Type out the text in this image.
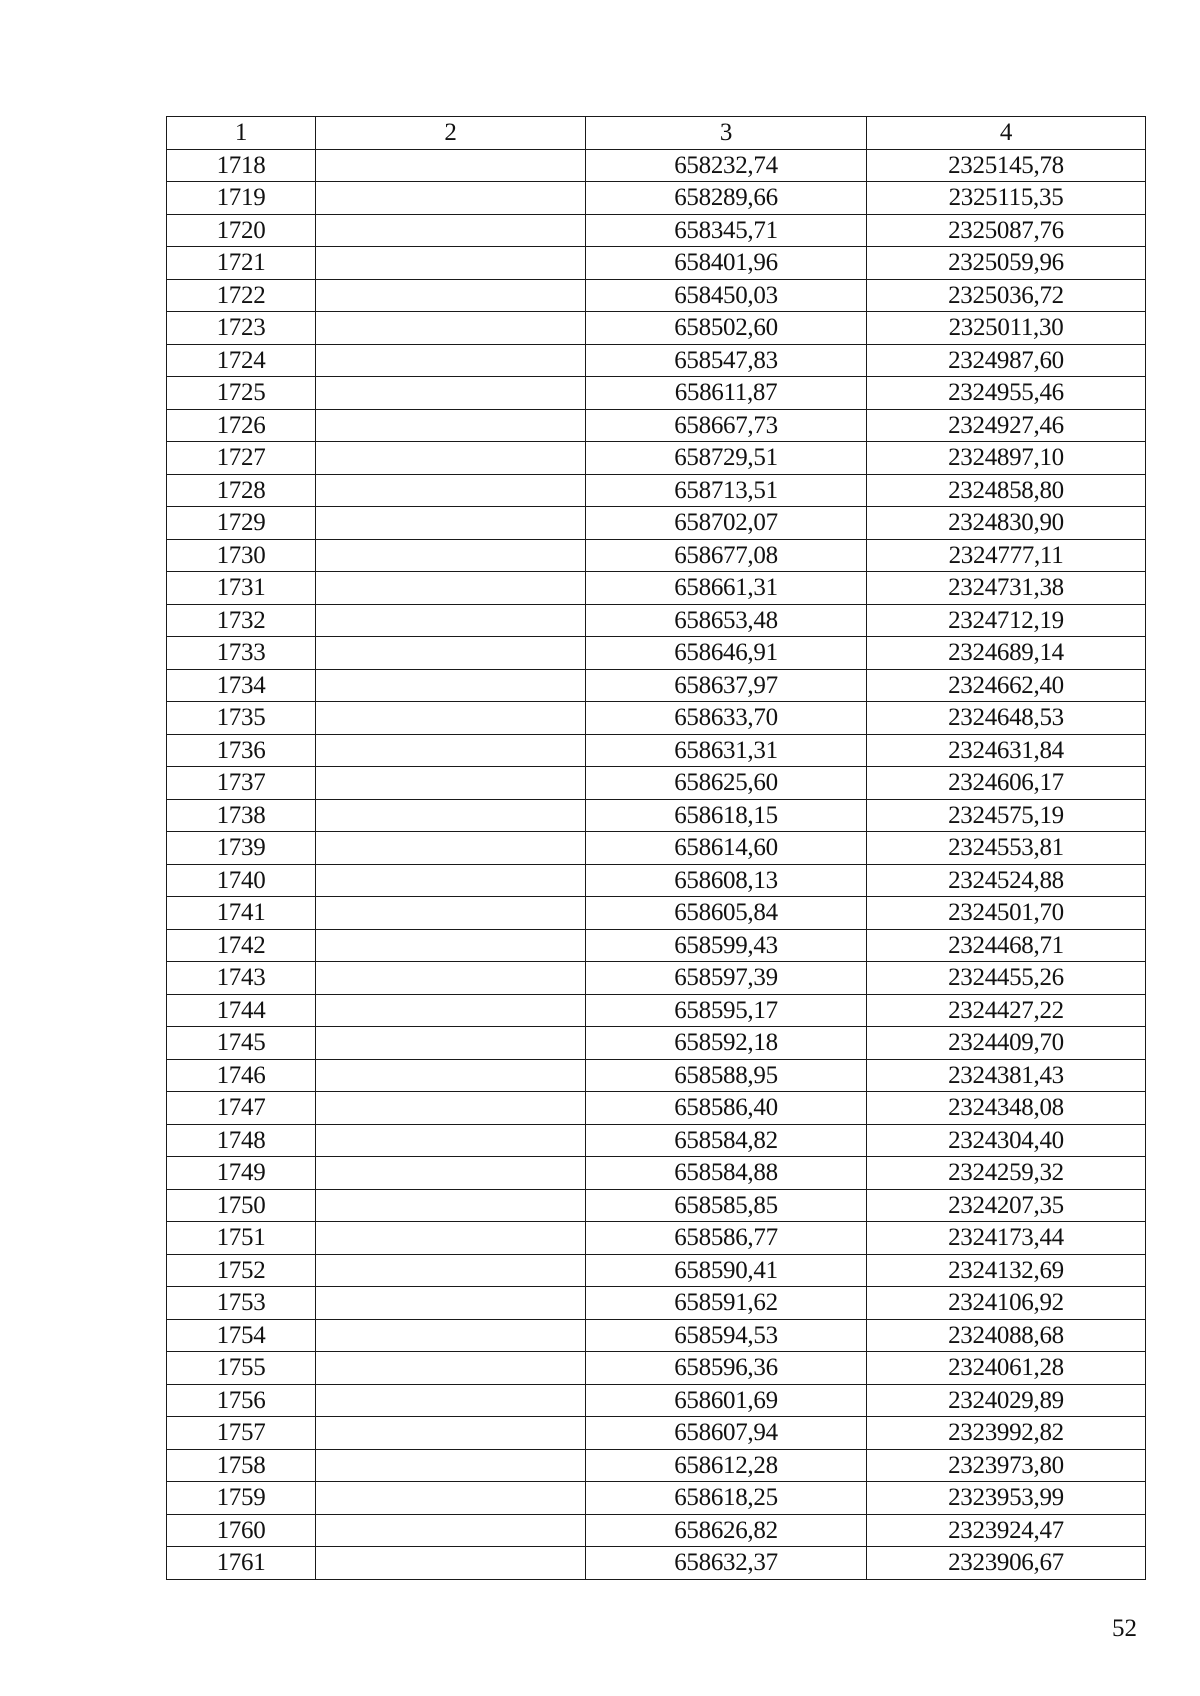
1	2	3	4
1718		658232,74	2325145,78
1719		658289,66	2325115,35
1720		658345,71	2325087,76
1721		658401,96	2325059,96
1722		658450,03	2325036,72
1723		658502,60	2325011,30
1724		658547,83	2324987,60
1725		658611,87	2324955,46
1726		658667,73	2324927,46
1727		658729,51	2324897,10
1728		658713,51	2324858,80
1729		658702,07	2324830,90
1730		658677,08	2324777,11
1731		658661,31	2324731,38
1732		658653,48	2324712,19
1733		658646,91	2324689,14
1734		658637,97	2324662,40
1735		658633,70	2324648,53
1736		658631,31	2324631,84
1737		658625,60	2324606,17
1738		658618,15	2324575,19
1739		658614,60	2324553,81
1740		658608,13	2324524,88
1741		658605,84	2324501,70
1742		658599,43	2324468,71
1743		658597,39	2324455,26
1744		658595,17	2324427,22
1745		658592,18	2324409,70
1746		658588,95	2324381,43
1747		658586,40	2324348,08
1748		658584,82	2324304,40
1749		658584,88	2324259,32
1750		658585,85	2324207,35
1751		658586,77	2324173,44
1752		658590,41	2324132,69
1753		658591,62	2324106,92
1754		658594,53	2324088,68
1755		658596,36	2324061,28
1756		658601,69	2324029,89
1757		658607,94	2323992,82
1758		658612,28	2323973,80
1759		658618,25	2323953,99
1760		658626,82	2323924,47
1761		658632,37	2323906,67
52
